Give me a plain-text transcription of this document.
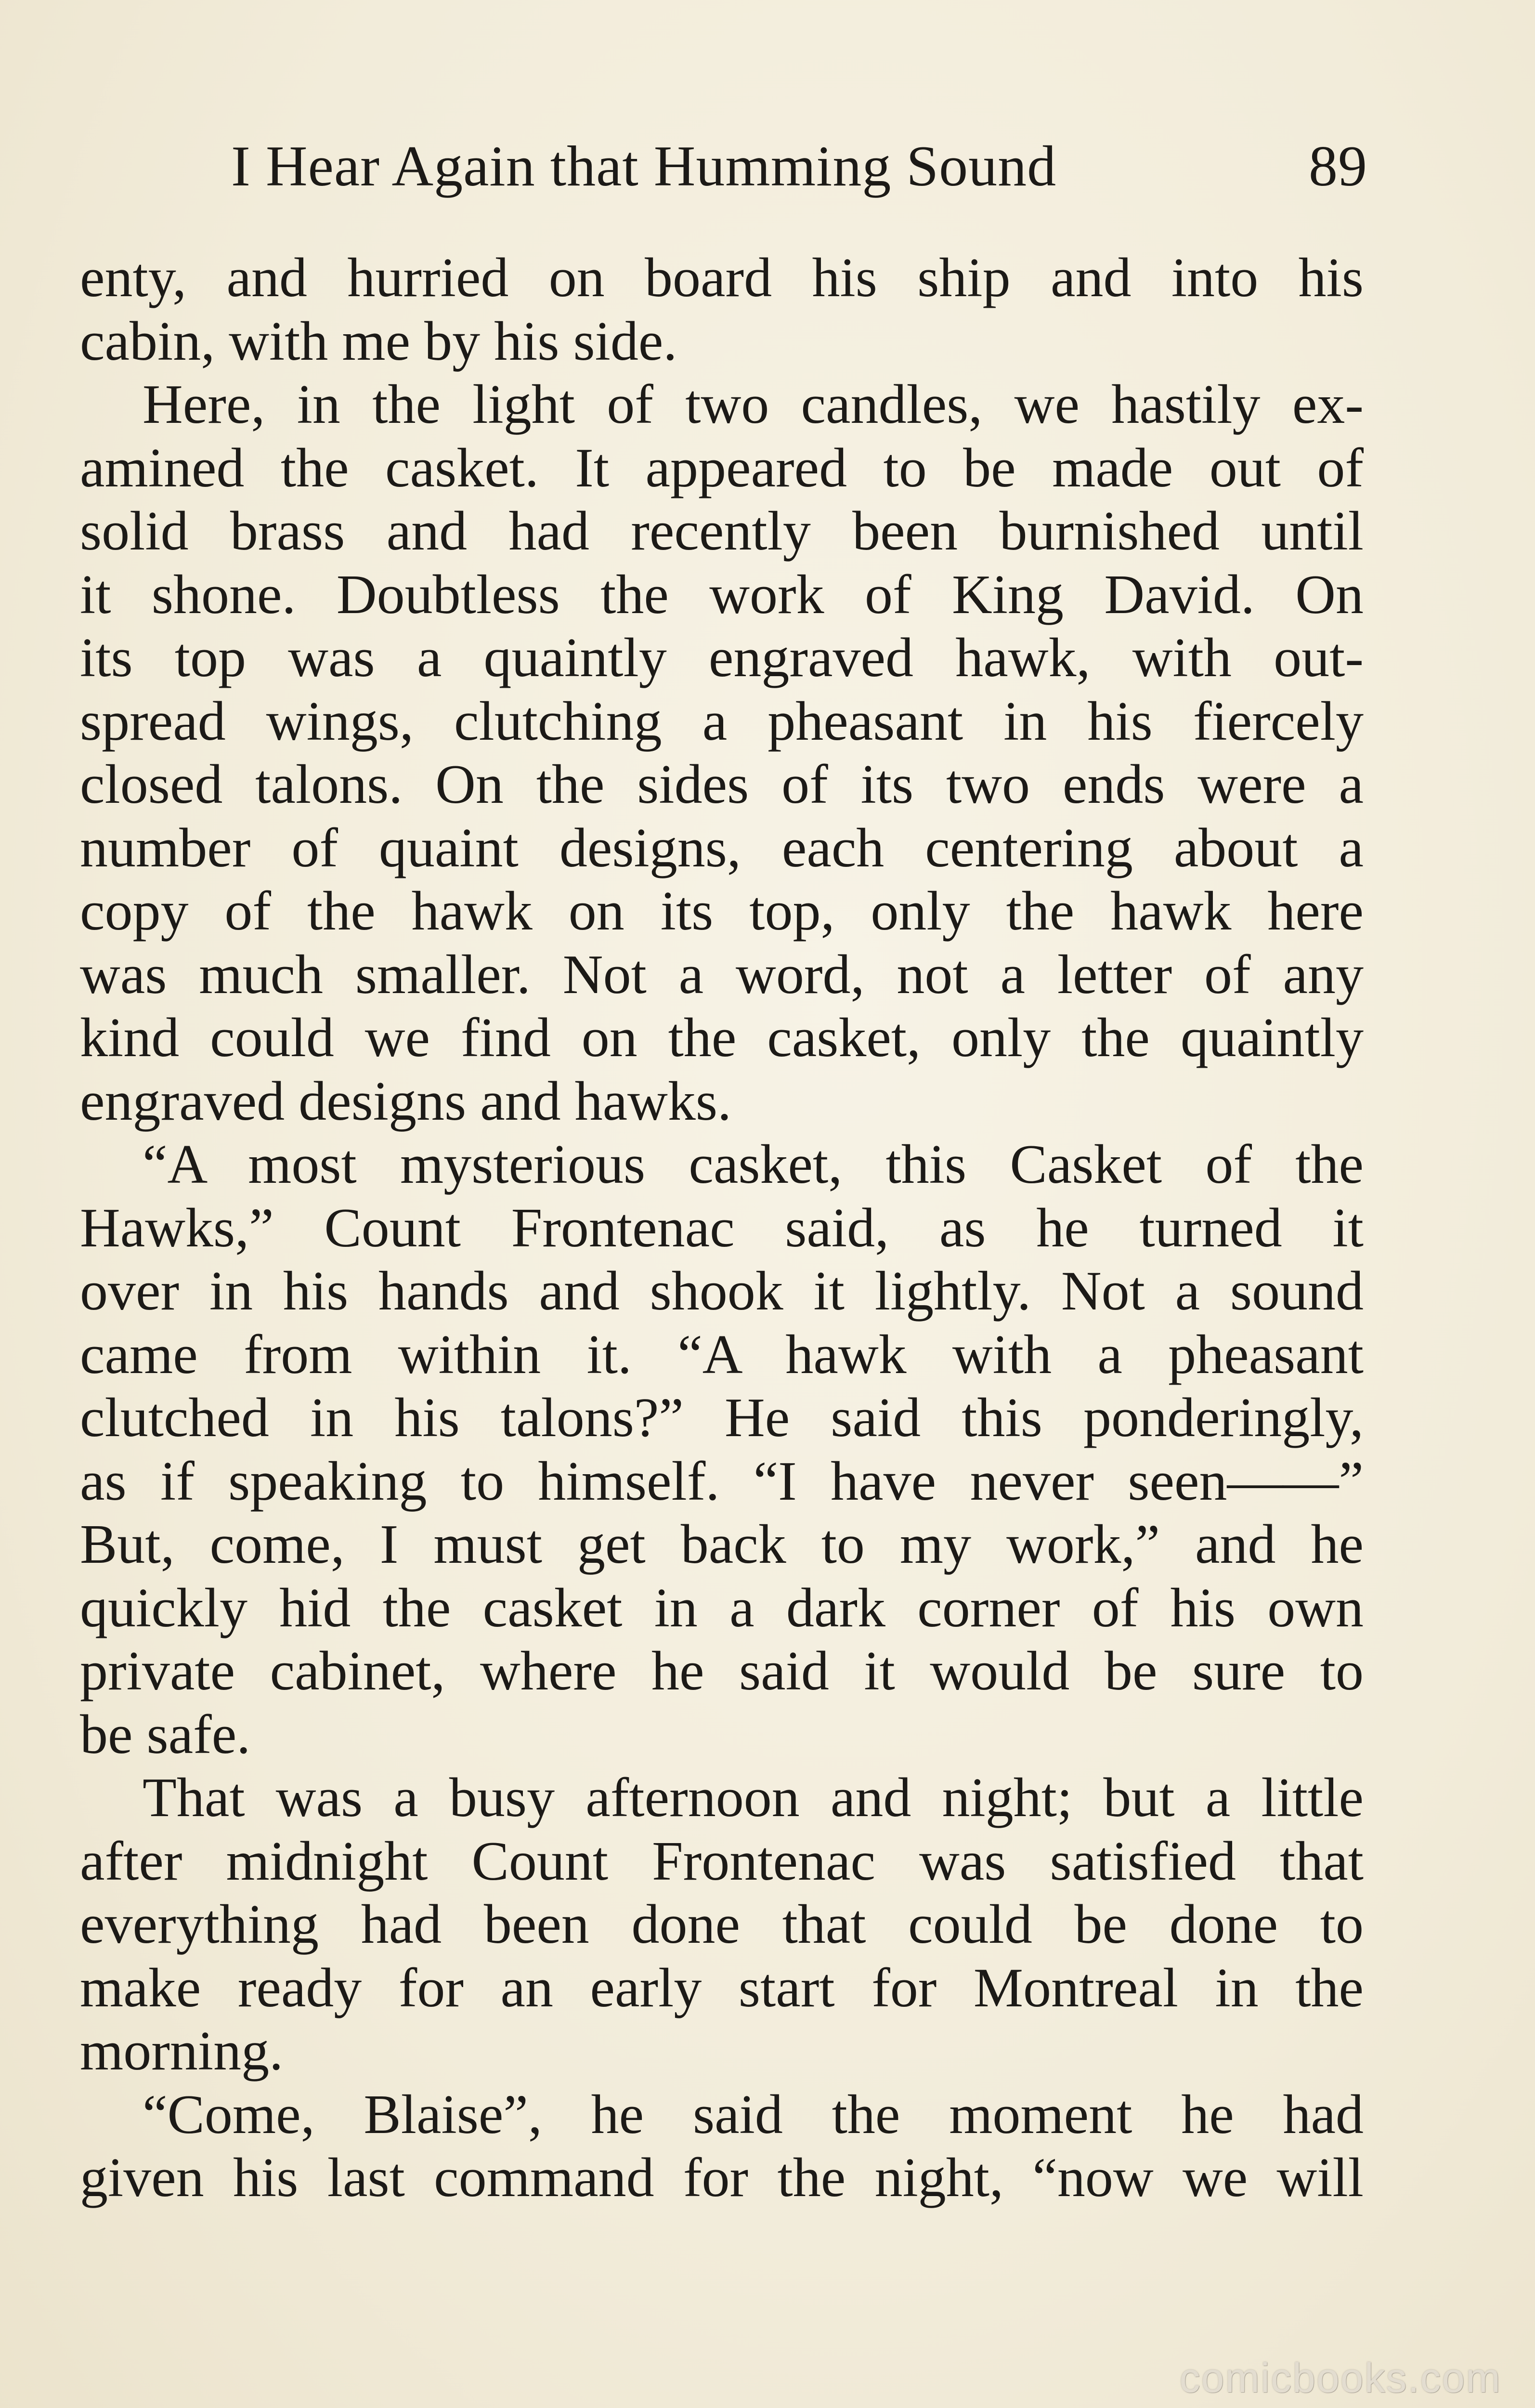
I Hear Again that Humming Sound	89
enty, and hurried on board his ship and into his
cabin, with me by his side.
Here, in the light of two candles, we hastily ex-
amined the casket. It appeared to be made out of
solid brass and had recently been burnished until
it shone. Doubtless the work of King David. On
its top was a quaintly engraved hawk, with out-
spread wings, clutching a pheasant in his fiercely
closed talons. On the sides of its two ends were a
number of quaint designs, each centering about a
copy of the hawk on its top, only the hawk here
was much smaller. Not a word, not a letter of any
kind could we find on the casket, only the quaintly
engraved designs and hawks.
“A most mysterious casket, this Casket of the
Hawks,” Count Frontenac said, as he turned it
over in his hands and shook it lightly. Not a sound
came from within it. “A hawk with a pheasant
clutched in his talons?” He said this ponderingly,
as if speaking to himself. “I have never seen——”
But, come, I must get back to my work,” and he
quickly hid the casket in a dark corner of his own
private cabinet, where he said it would be sure to
be safe.
That was a busy afternoon and night; but a little
after midnight Count Frontenac was satisfied that
everything had been done that could be done to
make ready for an early start for Montreal in the
morning.
“Come, Blaise”, he said the moment he had
given his last command for the night, “now we will
comicbooks.com
